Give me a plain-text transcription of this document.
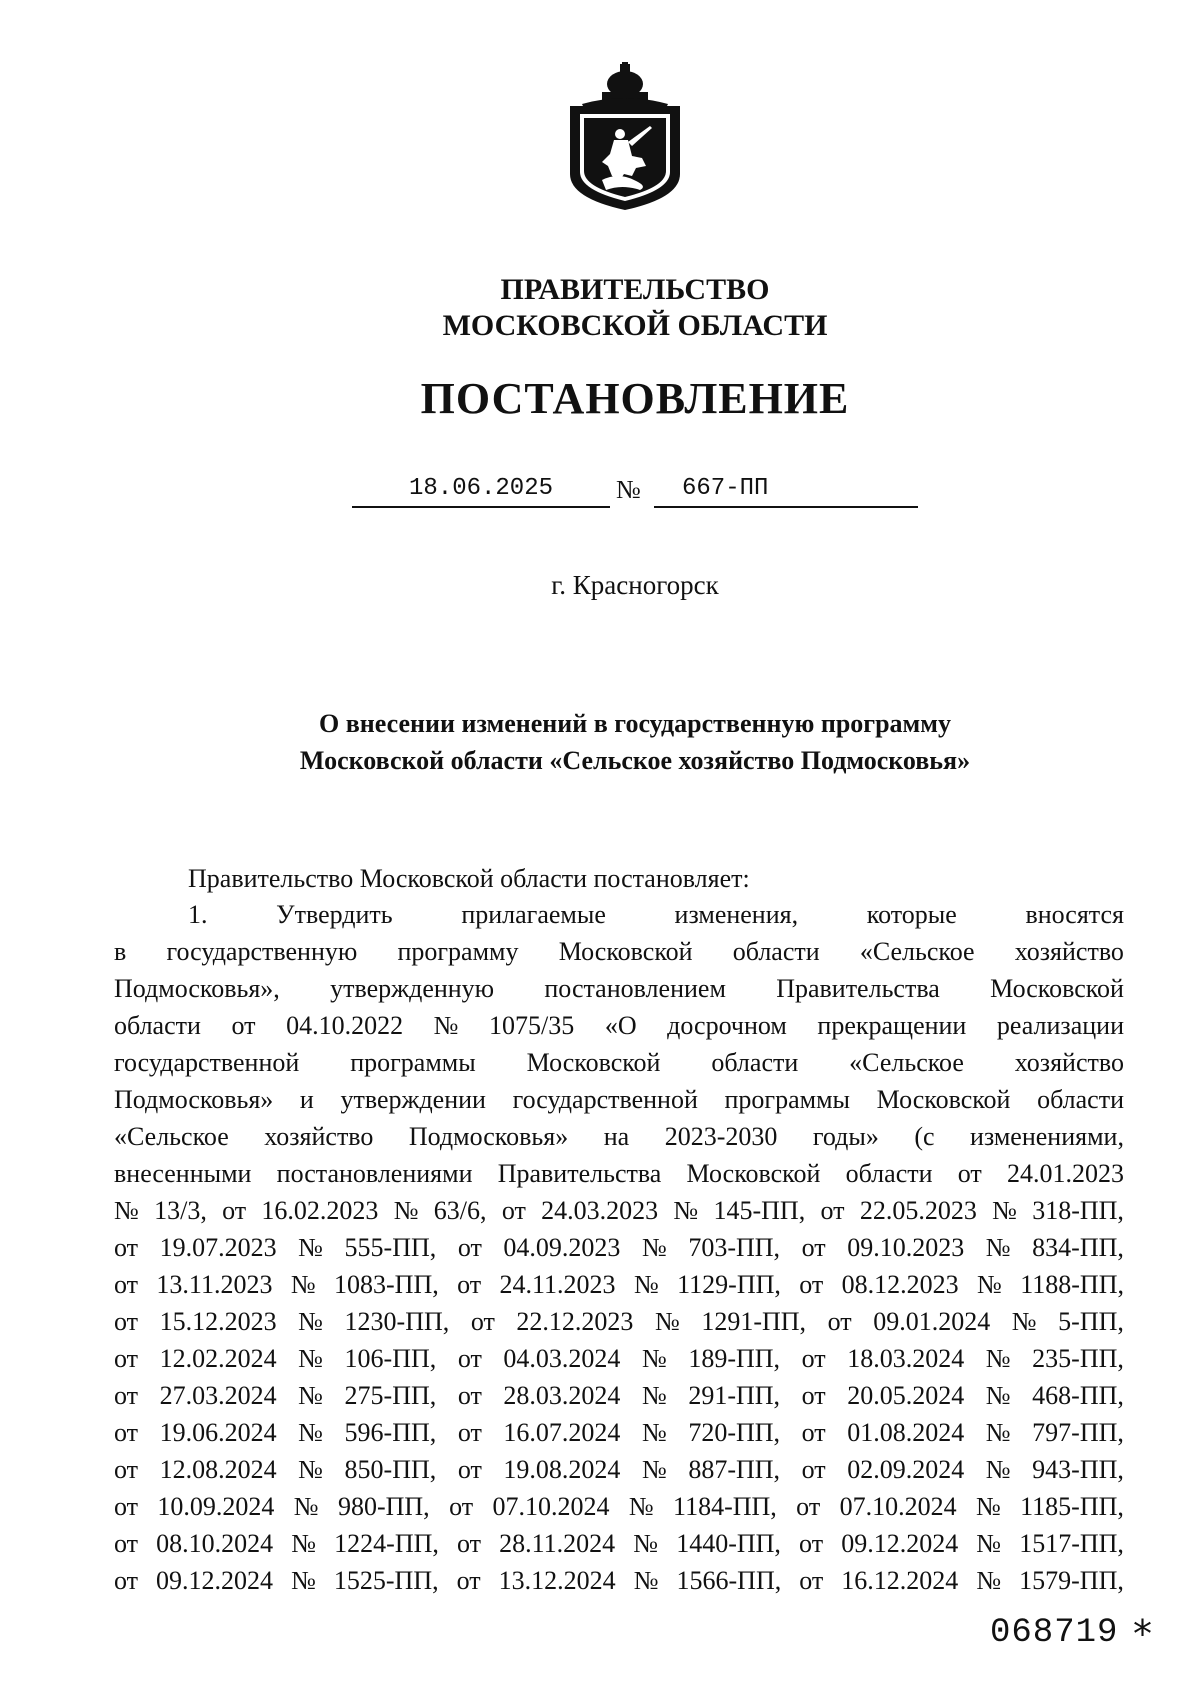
ПРАВИТЕЛЬСТВО
МОСКОВСКОЙ ОБЛАСТИ
ПОСТАНОВЛЕНИЕ
18.06.2025	№	667-ПП
г. Красногорск
О внесении изменений в государственную программу
Московской области «Сельское хозяйство Подмосковья»
Правительство Московской области постановляет:

1.	Утвердить	прилагаемые	изменения,	которые	вносятся

в государственную программу Московской области «Сельское хозяйство

Подмосковья», утвержденную постановлением Правительства Московской

области от 04.10.2022 № 1075/35 «О досрочном прекращении реализации

государственной программы Московской области «Сельское хозяйство

Подмосковья» и утверждении государственной программы Московской области

«Сельское хозяйство Подмосковья» на 2023-2030 годы» (с изменениями,

внесенными постановлениями Правительства Московской области от 24.01.2023

№ 13/3, от 16.02.2023 № 63/6, от 24.03.2023 № 145-ПП, от 22.05.2023 № 318-ПП,

от 19.07.2023 № 555-ПП, от 04.09.2023 № 703-ПП, от 09.10.2023 № 834-ПП,

от 13.11.2023 № 1083-ПП, от 24.11.2023 № 1129-ПП, от 08.12.2023 № 1188-ПП,

от 15.12.2023 № 1230-ПП, от 22.12.2023 № 1291-ПП, от 09.01.2024 № 5-ПП,

от 12.02.2024 № 106-ПП, от 04.03.2024 № 189-ПП, от 18.03.2024 № 235-ПП,

от 27.03.2024 № 275-ПП, от 28.03.2024 № 291-ПП, от 20.05.2024 № 468-ПП,

от 19.06.2024 № 596-ПП, от 16.07.2024 № 720-ПП, от 01.08.2024 № 797-ПП,

от 12.08.2024 № 850-ПП, от 19.08.2024 № 887-ПП, от 02.09.2024 № 943-ПП,

от 10.09.2024 № 980-ПП, от 07.10.2024 № 1184-ПП, от 07.10.2024 № 1185-ПП,

от 08.10.2024 № 1224-ПП, от 28.11.2024 № 1440-ПП, от 09.12.2024 № 1517-ПП,

от 09.12.2024 № 1525-ПП, от 13.12.2024 № 1566-ПП, от 16.12.2024 № 1579-ПП,

068719 *
